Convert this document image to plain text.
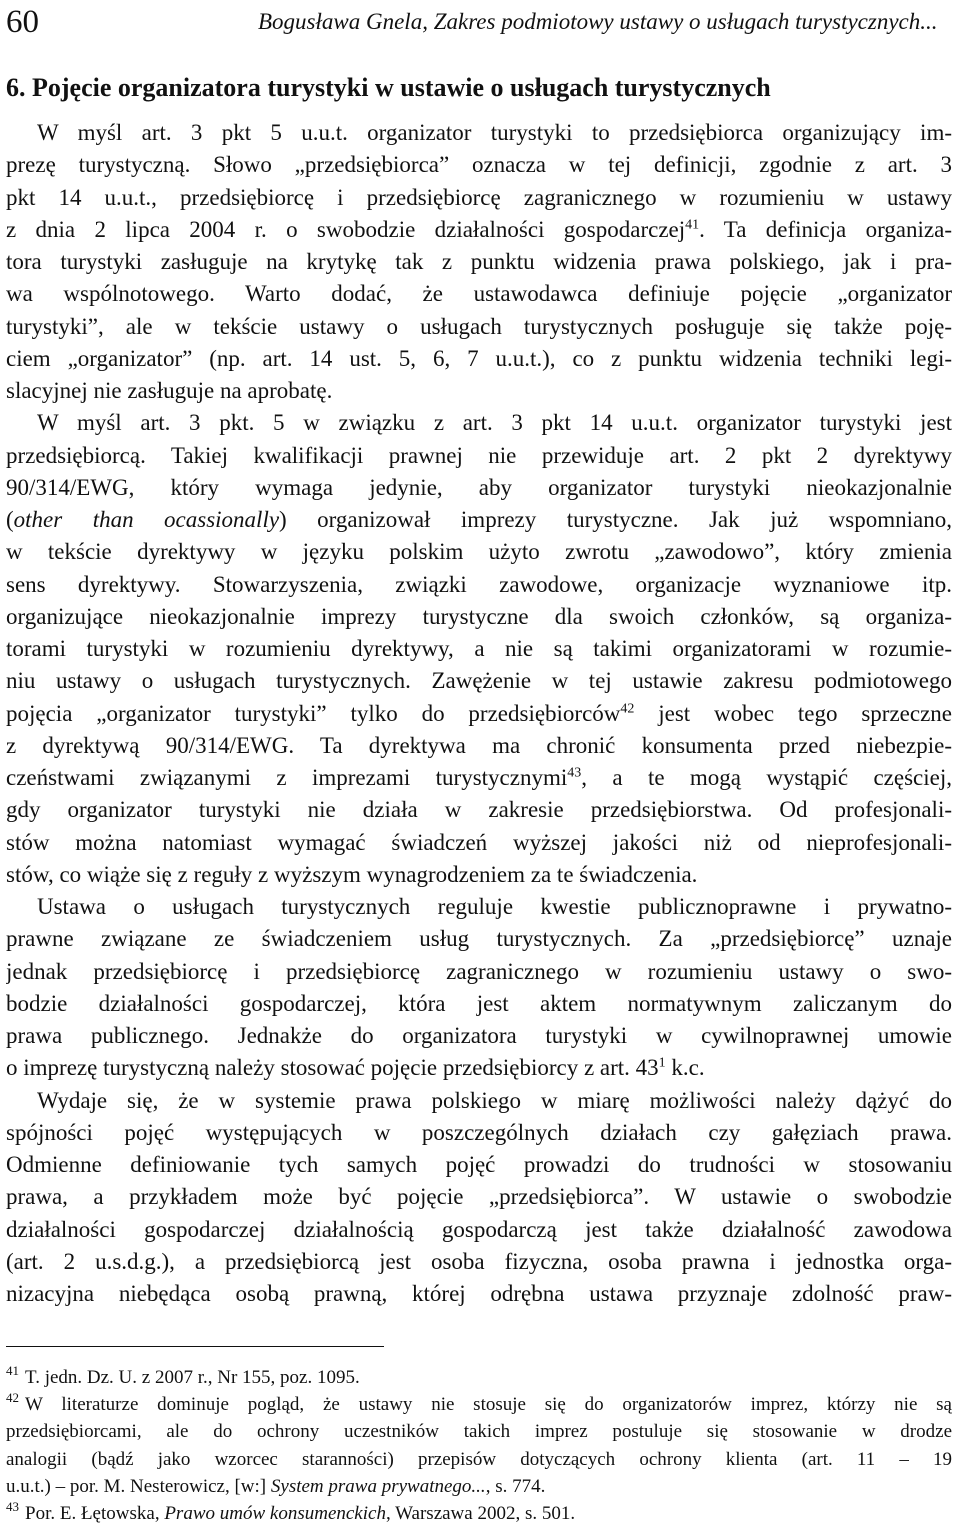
60	Bogusława Gnela, Zakres podmiotowy ustawy o usługach turystycznych...
6. Pojęcie organizatora turystyki w ustawie o usługach turystycznych
W myśl art. 3 pkt 5 u.u.t. organizator turystyki to przedsiębiorca organizujący im-
prezę turystyczną. Słowo „przedsiębiorca” oznacza w tej definicji, zgodnie z art. 3
pkt 14 u.u.t., przedsiębiorcę i przedsiębiorcę zagranicznego w rozumieniu w ustawy
z dnia 2 lipca 2004 r. o swobodzie działalności gospodarczej$^{41}$. Ta definicja organiza-
tora turystyki zasługuje na krytykę tak z punktu widzenia prawa polskiego, jak i pra-
wa wspólnotowego. Warto dodać, że ustawodawca definiuje pojęcie „organizator
turystyki”, ale w tekście ustawy o usługach turystycznych posługuje się także poję-
ciem „organizator” (np. art. 14 ust. 5, 6, 7 u.u.t.), co z punktu widzenia techniki legi-
slacyjnej nie zasługuje na aprobatę.
W myśl art. 3 pkt. 5 w związku z art. 3 pkt 14 u.u.t. organizator turystyki jest
przedsiębiorcą. Takiej kwalifikacji prawnej nie przewiduje art. 2 pkt 2 dyrektywy
90/314/EWG, który wymaga jedynie, aby organizator turystyki nieokazjonalnie
(other than ocassionally) organizował imprezy turystyczne. Jak już wspomniano,
w tekście dyrektywy w języku polskim użyto zwrotu „zawodowo”, który zmienia
sens dyrektywy. Stowarzyszenia, związki zawodowe, organizacje wyznaniowe itp.
organizujące nieokazjonalnie imprezy turystyczne dla swoich członków, są organiza-
torami turystyki w rozumieniu dyrektywy, a nie są takimi organizatorami w rozumie-
niu ustawy o usługach turystycznych. Zawężenie w tej ustawie zakresu podmiotowego
pojęcia „organizator turystyki” tylko do przedsiębiorców$^{42}$ jest wobec tego sprzeczne
z dyrektywą 90/314/EWG. Ta dyrektywa ma chronić konsumenta przed niebezpie-
czeństwami związanymi z imprezami turystycznymi$^{43}$, a te mogą wystąpić częściej,
gdy organizator turystyki nie działa w zakresie przedsiębiorstwa. Od profesjonali-
stów można natomiast wymagać świadczeń wyższej jakości niż od nieprofesjonali-
stów, co wiąże się z reguły z wyższym wynagrodzeniem za te świadczenia.
Ustawa o usługach turystycznych reguluje kwestie publicznoprawne i prywatno-
prawne związane ze świadczeniem usług turystycznych. Za „przedsiębiorcę” uznaje
jednak przedsiębiorcę i przedsiębiorcę zagranicznego w rozumieniu ustawy o swo-
bodzie działalności gospodarczej, która jest aktem normatywnym zaliczanym do
prawa publicznego. Jednakże do organizatora turystyki w cywilnoprawnej umowie
o imprezę turystyczną należy stosować pojęcie przedsiębiorcy z art. $43^1$ k.c.
Wydaje się, że w systemie prawa polskiego w miarę możliwości należy dążyć do
spójności pojęć występujących w poszczególnych działach czy gałęziach prawa.
Odmienne definiowanie tych samych pojęć prowadzi do trudności w stosowaniu
prawa, a przykładem może być pojęcie „przedsiębiorca”. W ustawie o swobodzie
działalności gospodarczej działalnością gospodarczą jest także działalność zawodowa
(art. 2 u.s.d.g.), a przedsiębiorcą jest osoba fizyczna, osoba prawna i jednostka orga-
nizacyjna niebędąca osobą prawną, której odrębna ustawa przyznaje zdolność praw-
$^{41}$ T. jedn. Dz. U. z 2007 r., Nr 155, poz. 1095.
$^{42}$ W literaturze dominuje pogląd, że ustawy nie stosuje się do organizatorów imprez, którzy nie są
przedsiębiorcami, ale do ochrony uczestników takich imprez postuluje się stosowanie w drodze
analogii (bądź jako wzorcec staranności) przepisów dotyczących ochrony klienta (art. 11 – 19
u.u.t.) – por. M. Nesterowicz, [w:] System prawa prywatnego..., s. 774.
$^{43}$ Por. E. Łętowska, Prawo umów konsumenckich, Warszawa 2002, s. 501.
